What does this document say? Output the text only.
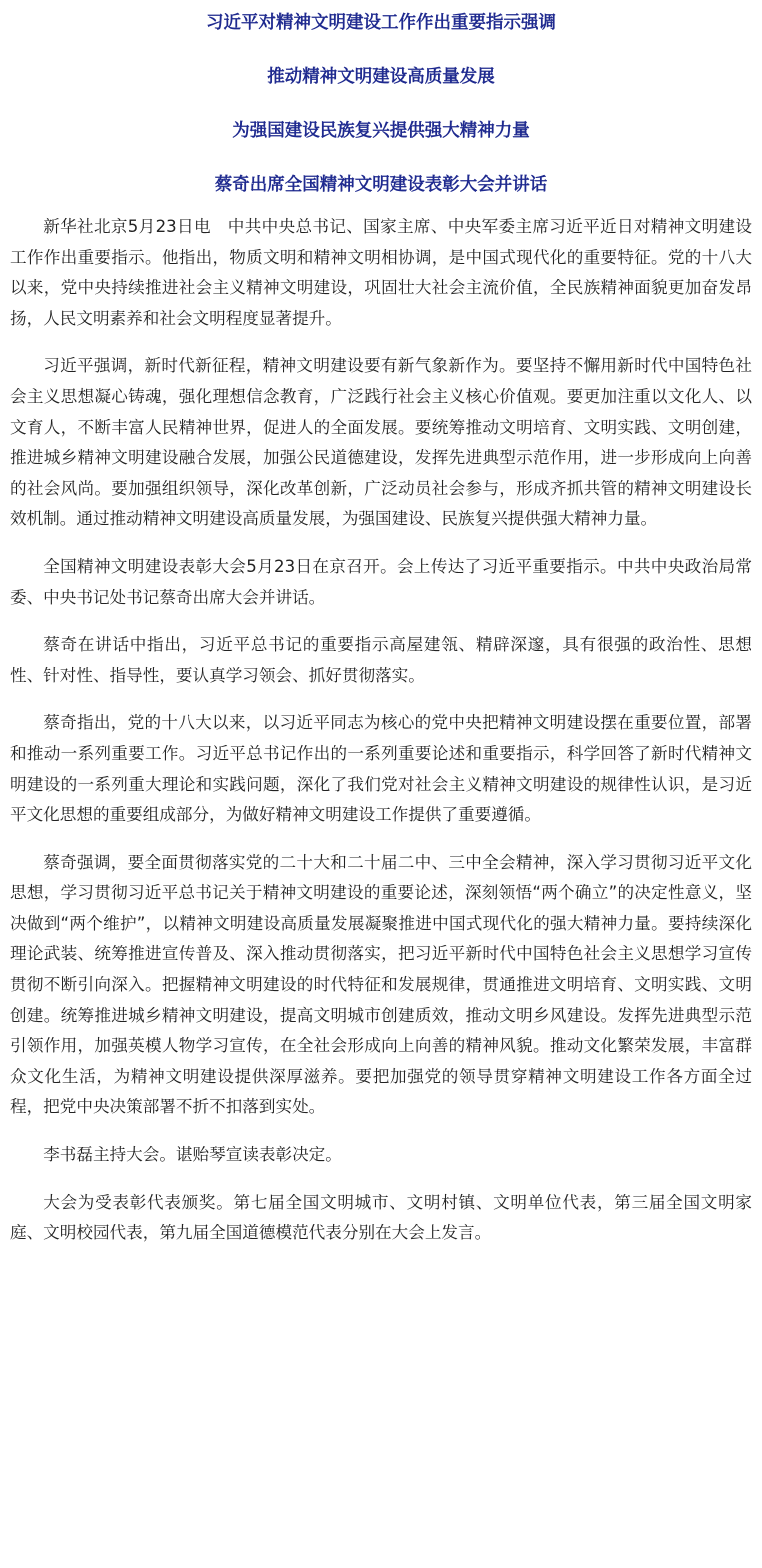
习近平对精神文明建设工作作出重要指示强调
推动精神文明建设高质量发展
为强国建设民族复兴提供强大精神力量
蔡奇出席全国精神文明建设表彰大会并讲话

新华社北京5月23日电　中共中央总书记、国家主席、中央军委主席习近平近日对精神文明建设工作作出重要指示。他指出，物质文明和精神文明相协调，是中国式现代化的重要特征。党的十八大以来，党中央持续推进社会主义精神文明建设，巩固壮大社会主流价值，全民族精神面貌更加奋发昂扬，人民文明素养和社会文明程度显著提升。

习近平强调，新时代新征程，精神文明建设要有新气象新作为。要坚持不懈用新时代中国特色社会主义思想凝心铸魂，强化理想信念教育，广泛践行社会主义核心价值观。要更加注重以文化人、以文育人，不断丰富人民精神世界，促进人的全面发展。要统筹推动文明培育、文明实践、文明创建，推进城乡精神文明建设融合发展，加强公民道德建设，发挥先进典型示范作用，进一步形成向上向善的社会风尚。要加强组织领导，深化改革创新，广泛动员社会参与，形成齐抓共管的精神文明建设长效机制。通过推动精神文明建设高质量发展，为强国建设、民族复兴提供强大精神力量。

全国精神文明建设表彰大会5月23日在京召开。会上传达了习近平重要指示。中共中央政治局常委、中央书记处书记蔡奇出席大会并讲话。

蔡奇在讲话中指出，习近平总书记的重要指示高屋建瓴、精辟深邃，具有很强的政治性、思想性、针对性、指导性，要认真学习领会、抓好贯彻落实。

蔡奇指出，党的十八大以来，以习近平同志为核心的党中央把精神文明建设摆在重要位置，部署和推动一系列重要工作。习近平总书记作出的一系列重要论述和重要指示，科学回答了新时代精神文明建设的一系列重大理论和实践问题，深化了我们党对社会主义精神文明建设的规律性认识，是习近平文化思想的重要组成部分，为做好精神文明建设工作提供了重要遵循。

蔡奇强调，要全面贯彻落实党的二十大和二十届二中、三中全会精神，深入学习贯彻习近平文化思想，学习贯彻习近平总书记关于精神文明建设的重要论述，深刻领悟“两个确立”的决定性意义，坚决做到“两个维护”，以精神文明建设高质量发展凝聚推进中国式现代化的强大精神力量。要持续深化理论武装、统筹推进宣传普及、深入推动贯彻落实，把习近平新时代中国特色社会主义思想学习宣传贯彻不断引向深入。把握精神文明建设的时代特征和发展规律，贯通推进文明培育、文明实践、文明创建。统筹推进城乡精神文明建设，提高文明城市创建质效，推动文明乡风建设。发挥先进典型示范引领作用，加强英模人物学习宣传，在全社会形成向上向善的精神风貌。推动文化繁荣发展，丰富群众文化生活，为精神文明建设提供深厚滋养。要把加强党的领导贯穿精神文明建设工作各方面全过程，把党中央决策部署不折不扣落到实处。

李书磊主持大会。谌贻琴宣读表彰决定。

大会为受表彰代表颁奖。第七届全国文明城市、文明村镇、文明单位代表，第三届全国文明家庭、文明校园代表，第九届全国道德模范代表分别在大会上发言。
